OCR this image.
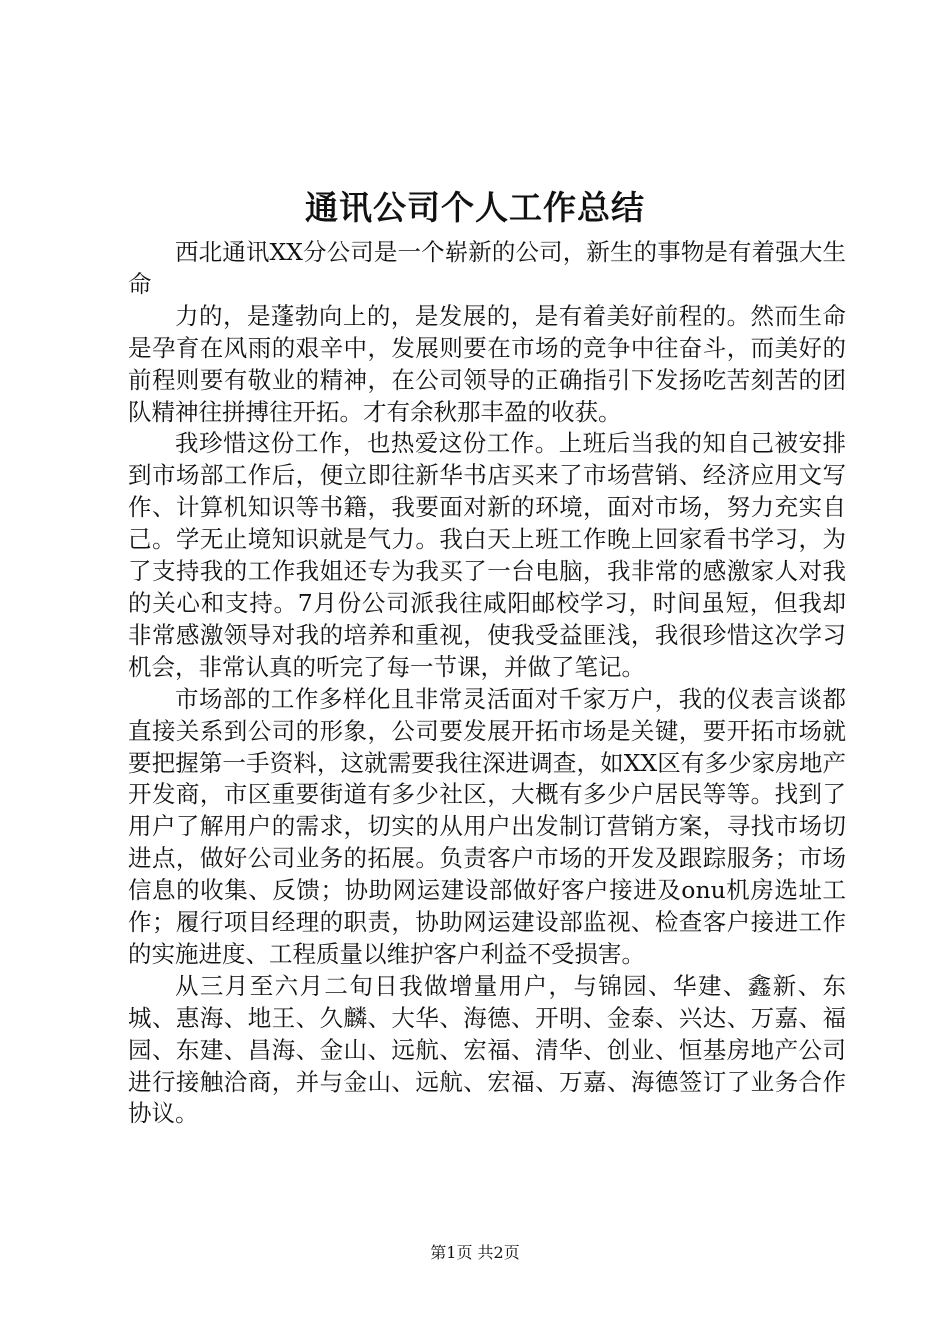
通讯公司个人工作总结

西北通讯XX分公司是一个崭新的公司，新生的事物是有着强大生命

力的，是蓬勃向上的，是发展的，是有着美好前程的。然而生命是孕育在风雨的艰辛中，发展则要在市场的竞争中往奋斗，而美好的前程则要有敬业的精神，在公司领导的正确指引下发扬吃苦刻苦的团队精神往拼搏往开拓。才有余秋那丰盈的收获。

我珍惜这份工作，也热爱这份工作。上班后当我的知自己被安排到市场部工作后，便立即往新华书店买来了市场营销、经济应用文写作、计算机知识等书籍，我要面对新的环境，面对市场，努力充实自己。学无止境知识就是气力。我白天上班工作晚上回家看书学习，为了支持我的工作我姐还专为我买了一台电脑，我非常的感激家人对我的关心和支持。7月份公司派我往咸阳邮校学习，时间虽短，但我却非常感激领导对我的培养和重视，使我受益匪浅，我很珍惜这次学习机会，非常认真的听完了每一节课，并做了笔记。

市场部的工作多样化且非常灵活面对千家万户，我的仪表言谈都直接关系到公司的形象，公司要发展开拓市场是关键，要开拓市场就要把握第一手资料，这就需要我往深进调查，如XX区有多少家房地产开发商，市区重要街道有多少社区，大概有多少户居民等等。找到了用户了解用户的需求，切实的从用户出发制订营销方案，寻找市场切进点，做好公司业务的拓展。负责客户市场的开发及跟踪服务；市场信息的收集、反馈；协助网运建设部做好客户接进及onu机房选址工作；履行项目经理的职责，协助网运建设部监视、检查客户接进工作的实施进度、工程质量以维护客户利益不受损害。

从三月至六月二旬日我做增量用户，与锦园、华建、鑫新、东城、惠海、地王、久麟、大华、海德、开明、金泰、兴达、万嘉、福园、东建、昌海、金山、远航、宏福、清华、创业、恒基房地产公司进行接触洽商，并与金山、远航、宏福、万嘉、海德签订了业务合作协议。

第1页 共2页
